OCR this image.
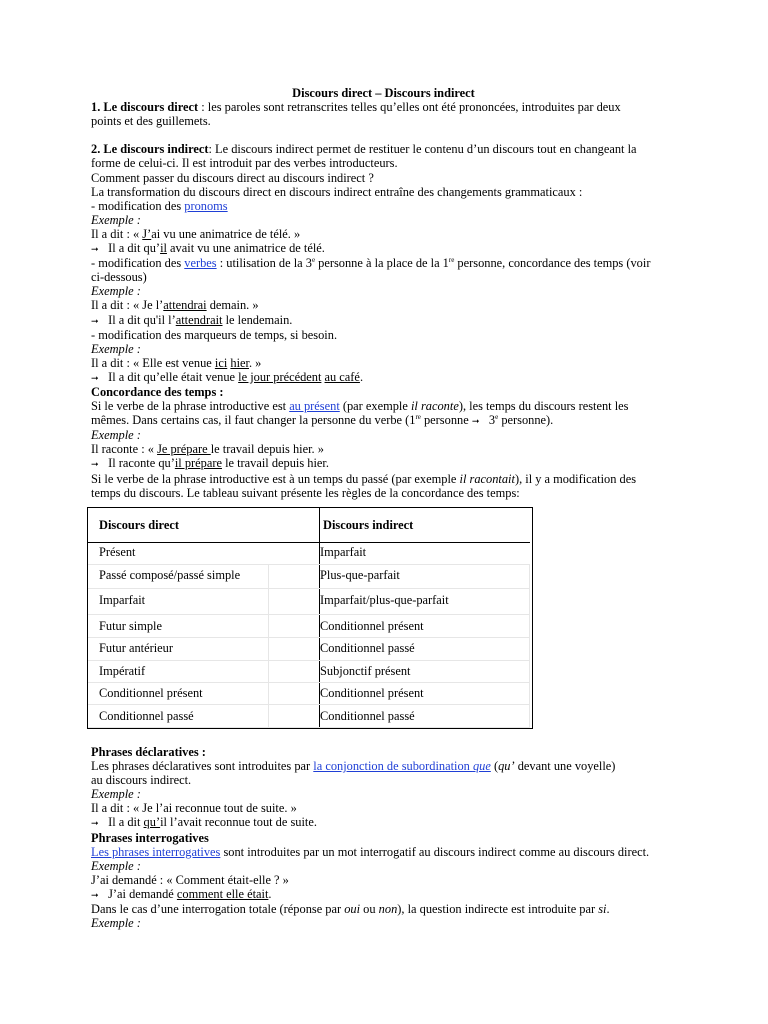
Discours direct – Discours indirect
1. Le discours direct : les paroles sont retranscrites telles qu’elles ont été prononcées, introduites par deux
points et des guillemets.
2. Le discours indirect: Le discours indirect permet de restituer le contenu d’un discours tout en changeant la
forme de celui-ci. Il est introduit par des verbes introducteurs.
Comment passer du discours direct au discours indirect ?
La transformation du discours direct en discours indirect entraîne des changements grammaticaux :
- modification des pronoms
Exemple :
Il a dit : « J’ai vu une animatrice de télé. »
➞ Il a dit qu’il avait vu une animatrice de télé.
- modification des verbes : utilisation de la 3e personne à la place de la 1re personne, concordance des temps (voir
ci-dessous)
Exemple :
Il a dit : « Je l’attendrai demain. »
➞ Il a dit qu'il l’attendrait le lendemain.
- modification des marqueurs de temps, si besoin.
Exemple :
Il a dit : « Elle est venue ici hier. »
➞ Il a dit qu’elle était venue le jour précédent au café.
Concordance des temps :
Si le verbe de la phrase introductive est au présent (par exemple il raconte), les temps du discours restent les
mêmes. Dans certains cas, il faut changer la personne du verbe (1re personne ➞ 3e personne).
Exemple :
Il raconte : « Je prépare le travail depuis hier. »
➞ Il raconte qu’il prépare le travail depuis hier.
Si le verbe de la phrase introductive est à un temps du passé (par exemple il racontait), il y a modification des
temps du discours. Le tableau suivant présente les règles de la concordance des temps:
Discours direct	Discours indirect
Présent	Imparfait
Passé composé/passé simple	Plus-que-parfait
Imparfait	Imparfait/plus-que-parfait
Futur simple	Conditionnel présent
Futur antérieur	Conditionnel passé
Impératif	Subjonctif présent
Conditionnel présent	Conditionnel présent
Conditionnel passé	Conditionnel passé
Phrases déclaratives :
Les phrases déclaratives sont introduites par la conjonction de subordination que (qu’ devant une voyelle)
au discours indirect.
Exemple :
Il a dit : « Je l’ai reconnue tout de suite. »
➞ Il a dit qu’il l’avait reconnue tout de suite.
Phrases interrogatives
Les phrases interrogatives sont introduites par un mot interrogatif au discours indirect comme au discours direct.
Exemple :
J’ai demandé : « Comment était-elle ? »
➞ J’ai demandé comment elle était.
Dans le cas d’une interrogation totale (réponse par oui ou non), la question indirecte est introduite par si.
Exemple :
